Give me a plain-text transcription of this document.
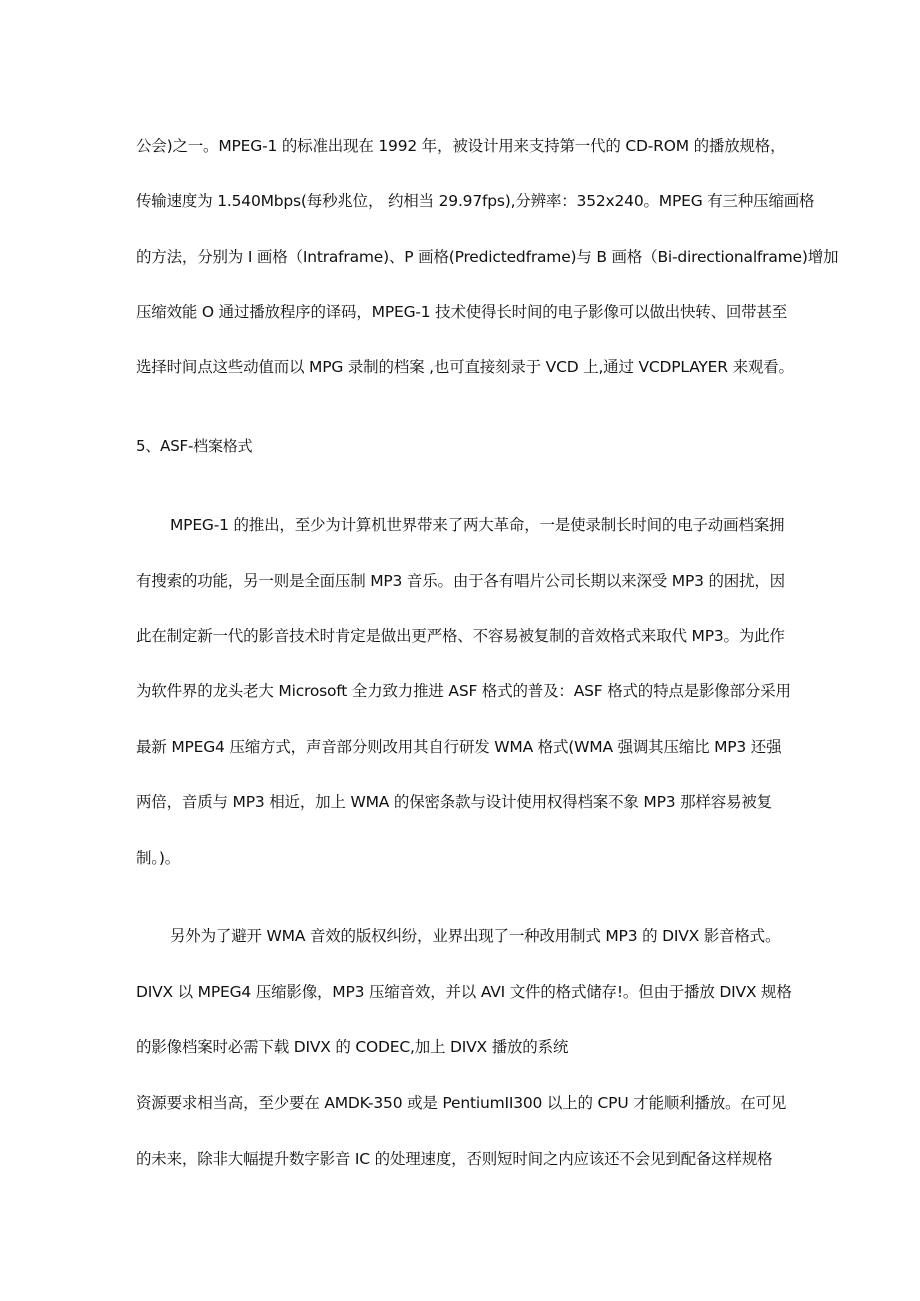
公会)之一。MPEG-1 的标准出现在 1992 年，被设计用来支持第一代的 CD-ROM 的播放规格，
传输速度为 1.540Mbps(每秒兆位， 约相当 29.97fps),分辨率：352x240。MPEG 有三种压缩画格
的方法，分别为 I 画格（Intraframe)、P 画格(Predictedframe)与 B 画格（Bi-directionalframe)增加
压缩效能 O 通过播放程序的译码，MPEG-1 技术使得长时间的电子影像可以做出快转、回带甚至
选择时间点这些动值而以 MPG 录制的档案 ,也可直接刻录于 VCD 上,通过 VCDPLAYER 来观看。
5、ASF-档案格式
MPEG-1 的推出，至少为计算机世界带来了两大革命，一是使录制长时间的电子动画档案拥
有搜索的功能，另一则是全面压制 MP3 音乐。由于各有唱片公司长期以来深受 MP3 的困扰，因
此在制定新一代的影音技术时肯定是做出更严格、不容易被复制的音效格式来取代 MP3。为此作
为软件界的龙头老大 Microsoft 全力致力推进 ASF 格式的普及：ASF 格式的特点是影像部分采用
最新 MPEG4 压缩方式，声音部分则改用其自行研发 WMA 格式(WMA 强调其压缩比 MP3 还强
两倍，音质与 MP3 相近，加上 WMA 的保密条款与设计使用权得档案不象 MP3 那样容易被复
制。)。
另外为了避开 WMA 音效的版权纠纷，业界出现了一种改用制式 MP3 的 DIVX 影音格式。
DIVX 以 MPEG4 压缩影像，MP3 压缩音效，并以 AVI 文件的格式储存!。但由于播放 DIVX 规格
的影像档案时必需下载 DIVX 的 CODEC,加上 DIVX 播放的系统
资源要求相当高，至少要在 AMDK-350 或是 PentiumII300 以上的 CPU 才能顺利播放。在可见
的未来，除非大幅提升数字影音 IC 的处理速度，否则短时间之内应该还不会见到配备这样规格
